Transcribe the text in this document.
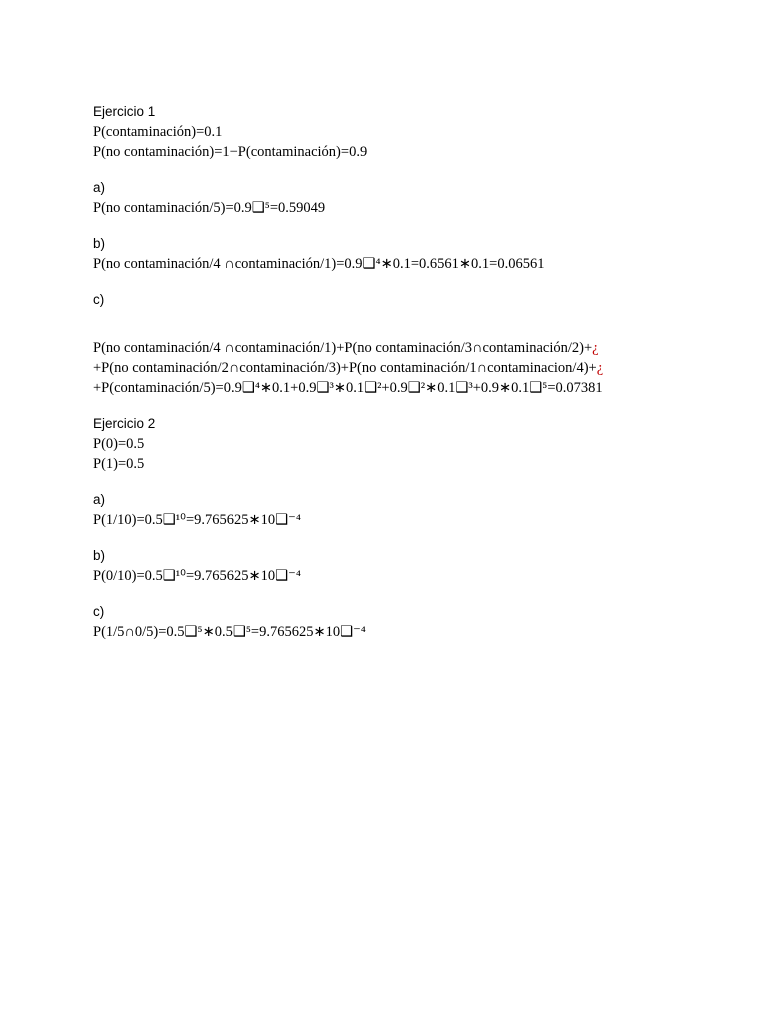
Ejercicio 1
P(contaminación)=0.1
P(no contaminación)=1−P(contaminación)=0.9
a)
P(no contaminación/5)=0.9❑⁵=0.59049
b)
P(no contaminación/4 ∩contaminación/1)=0.9❑⁴∗0.1=0.6561∗0.1=0.06561
c)
P(no contaminación/4 ∩contaminación/1)+P(no contaminación/3∩contaminación/2)+¿
+P(no contaminación/2∩contaminación/3)+P(no contaminación/1∩contaminacion/4)+¿
+P(contaminación/5)=0.9❑⁴∗0.1+0.9❑³∗0.1❑²+0.9❑²∗0.1❑³+0.9∗0.1❑⁵=0.07381
Ejercicio 2
P(0)=0.5
P(1)=0.5
a)
P(1/10)=0.5❑¹⁰=9.765625∗10❑⁻⁴
b)
P(0/10)=0.5❑¹⁰=9.765625∗10❑⁻⁴
c)
P(1/5∩0/5)=0.5❑⁵∗0.5❑⁵=9.765625∗10❑⁻⁴
